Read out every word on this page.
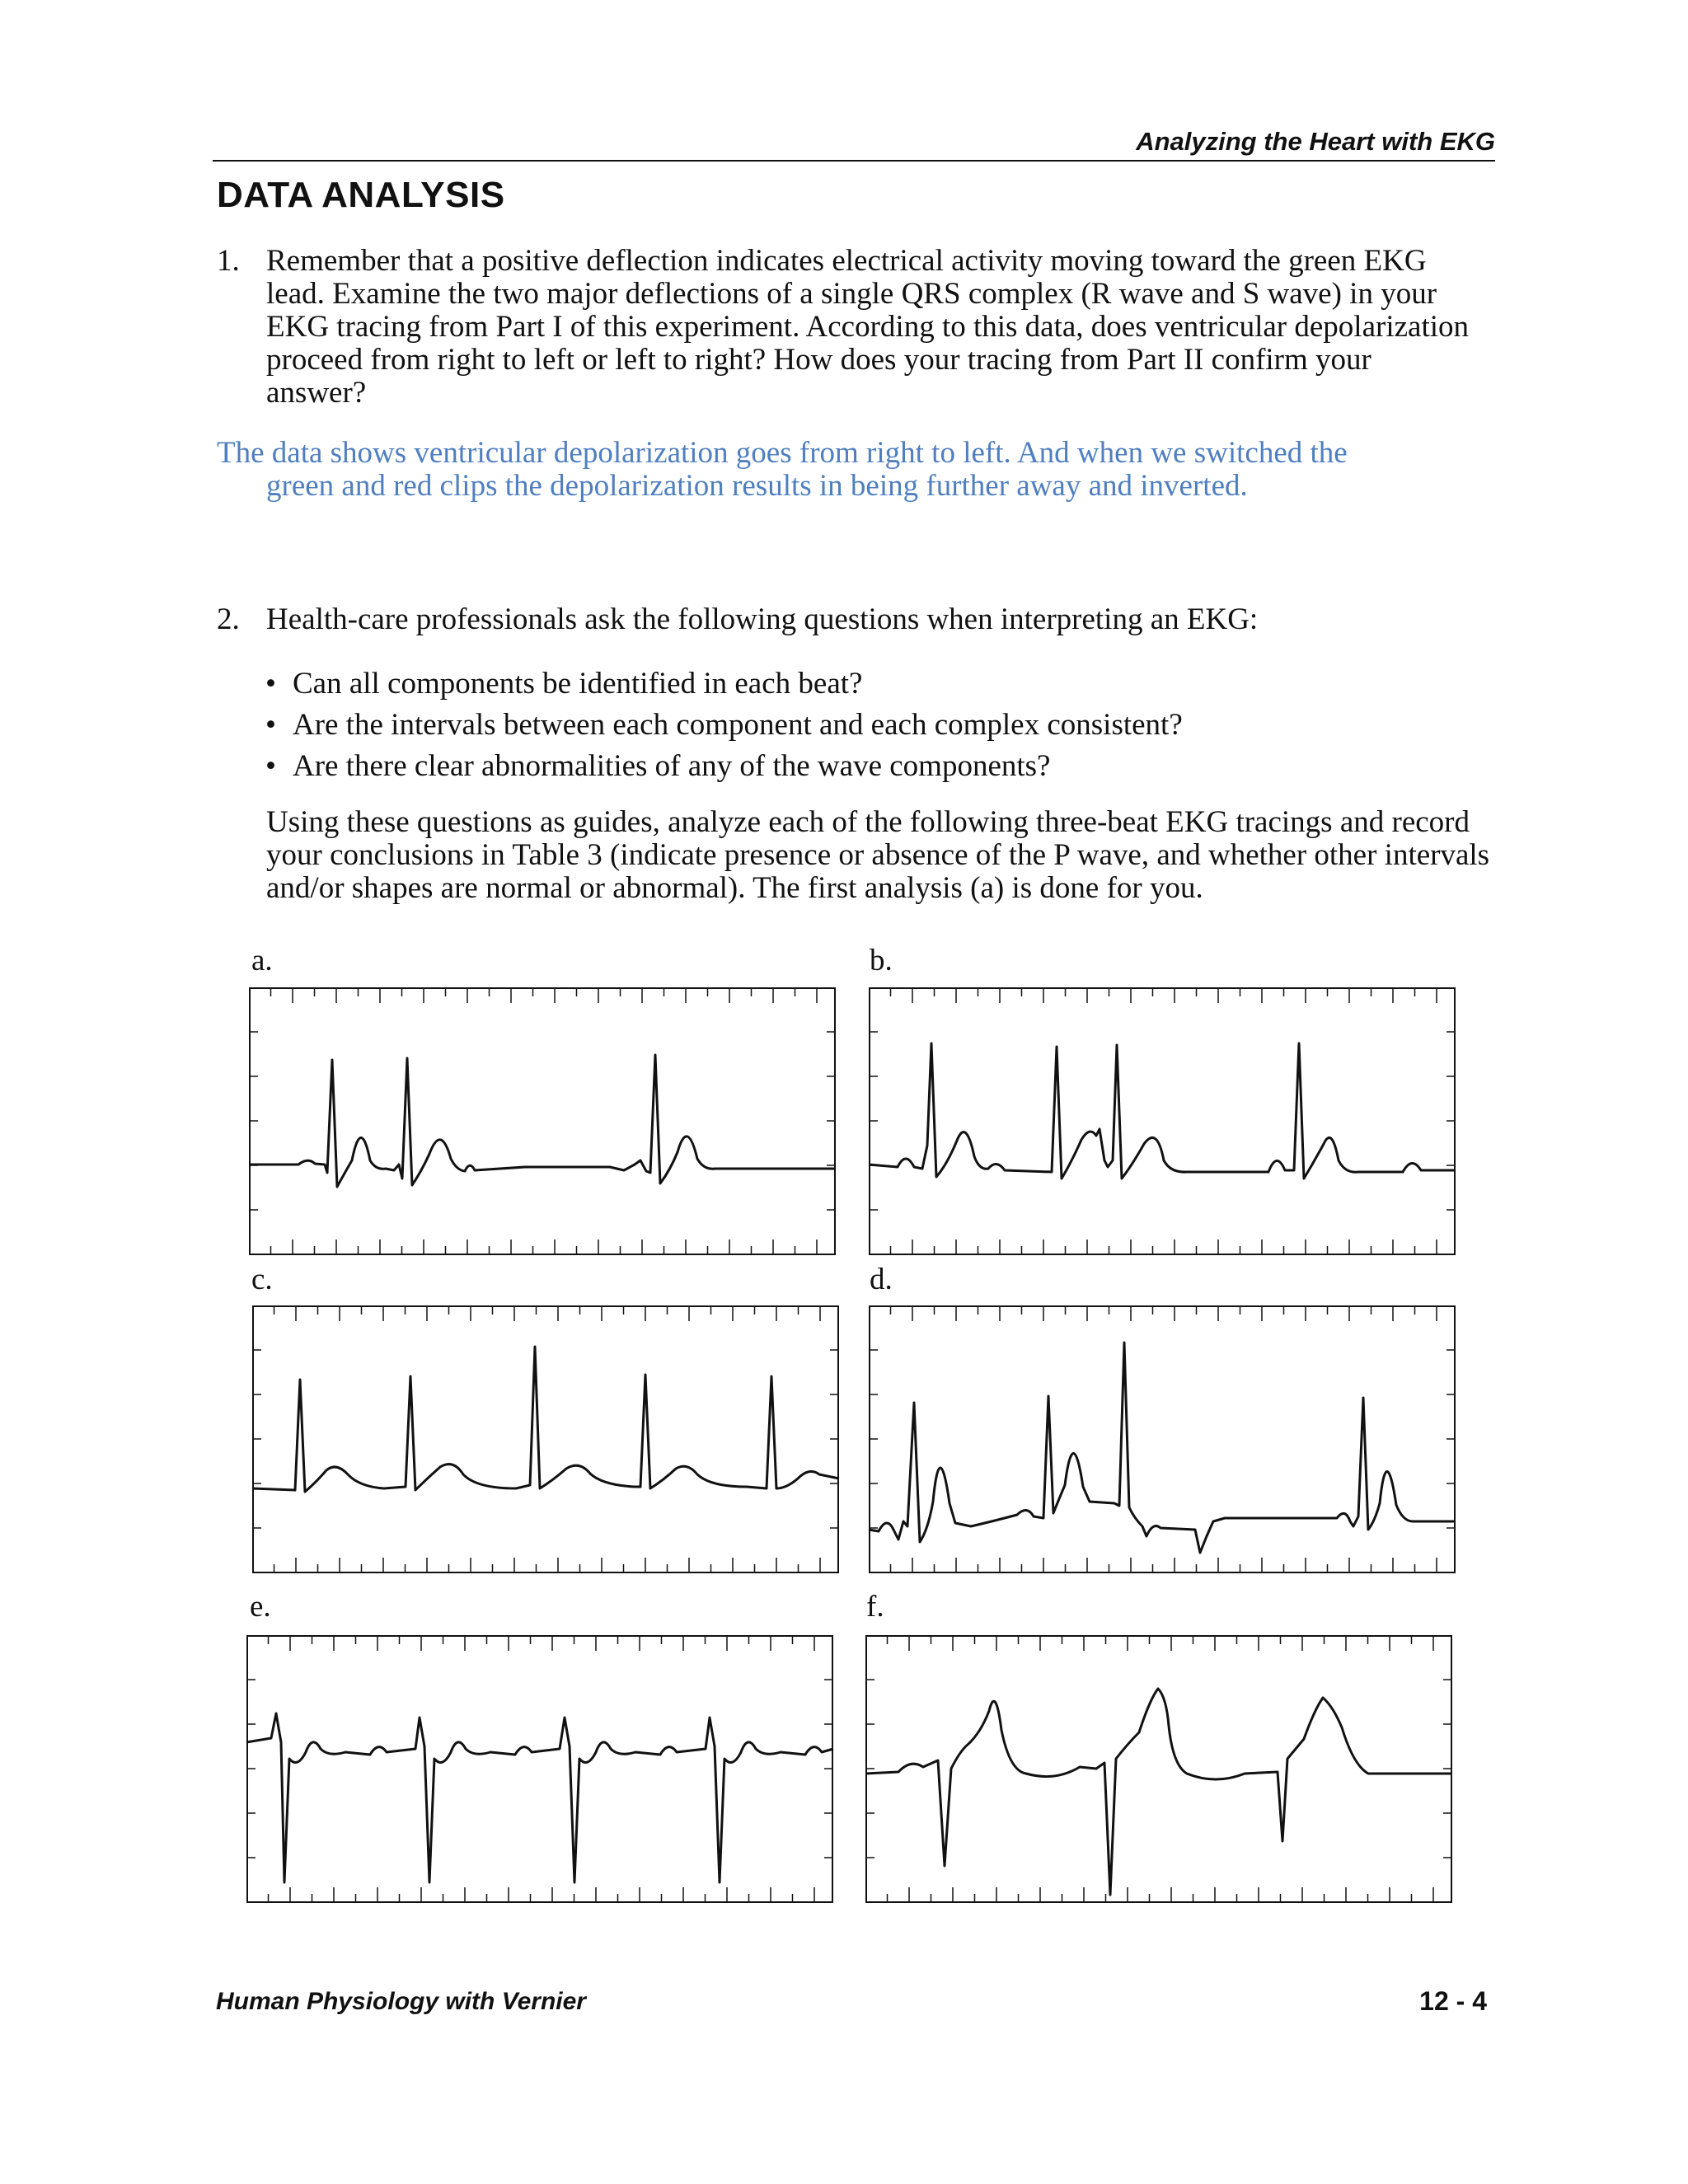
Analyzing the Heart with EKG
DATA ANALYSIS
1. Remember that a positive deflection indicates electrical activity moving toward the green EKG lead. Examine the two major deflections of a single QRS complex (R wave and S wave) in your EKG tracing from Part I of this experiment. According to this data, does ventricular depolarization proceed from right to left or left to right? How does your tracing from Part II confirm your answer?
The data shows ventricular depolarization goes from right to left. And when we switched the
green and red clips the depolarization results in being further away and inverted.
2. Health-care professionals ask the following questions when interpreting an EKG:
• Can all components be identified in each beat?
• Are the intervals between each component and each complex consistent?
• Are there clear abnormalities of any of the wave components?
Using these questions as guides, analyze each of the following three-beat EKG tracings and record your conclusions in Table 3 (indicate presence or absence of the P wave, and whether other intervals and/or shapes are normal or abnormal). The first analysis (a) is done for you.
a.	b.
c.	d.
e.	f.
Human Physiology with Vernier	12 - 4
